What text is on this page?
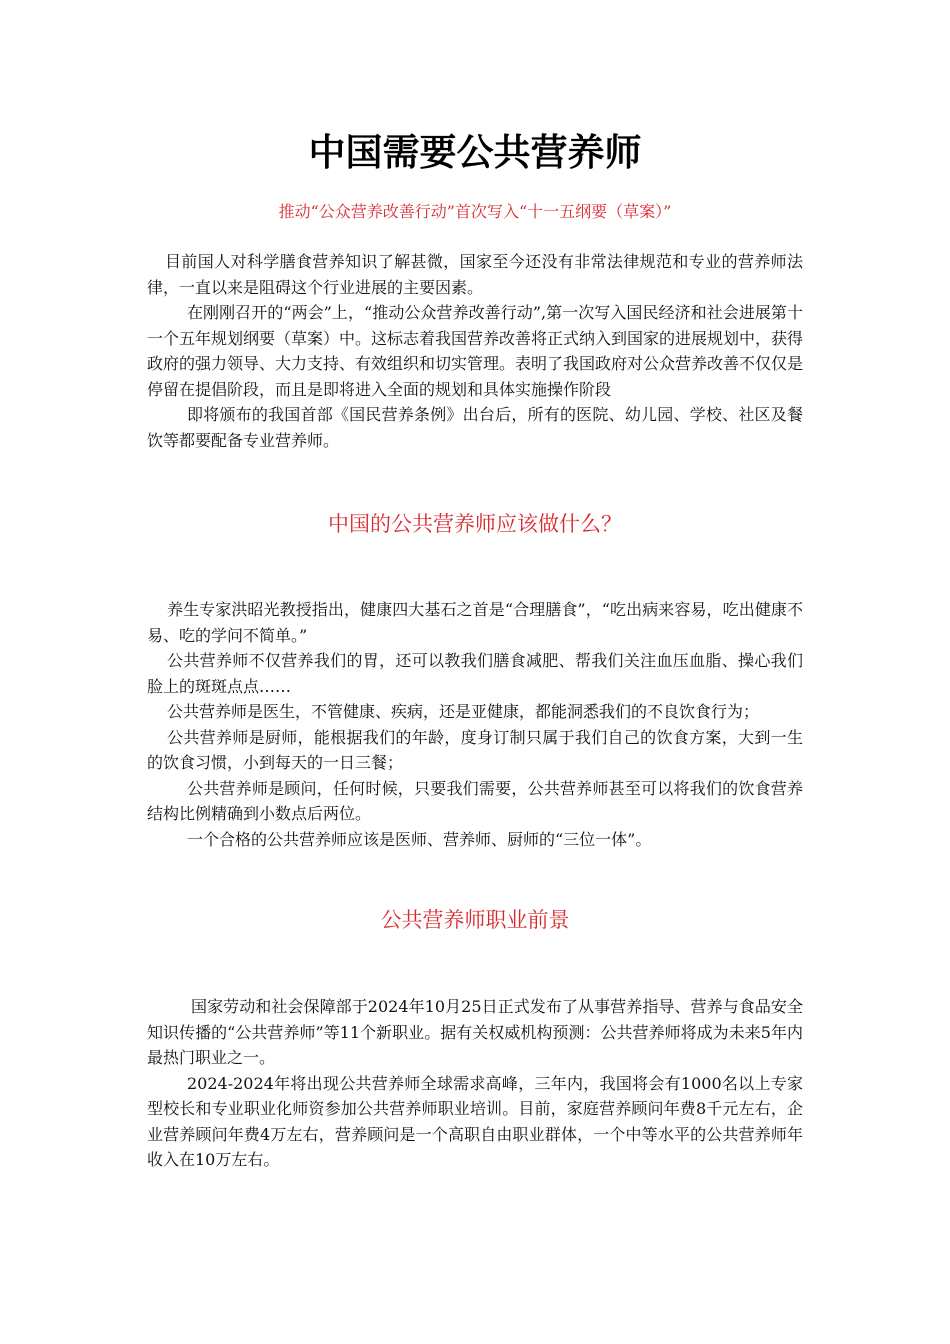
中国需要公共营养师

推动“公众营养改善行动”首次写入“十一五纲要（草案）”

目前国人对科学膳食营养知识了解甚微，国家至今还没有非常法律规范和专业的营养师法律，一直以来是阻碍这个行业进展的主要因素。

在刚刚召开的“两会”上，“推动公众营养改善行动”,第一次写入国民经济和社会进展第十一个五年规划纲要（草案）中。这标志着我国营养改善将正式纳入到国家的进展规划中，获得政府的强力领导、大力支持、有效组织和切实管理。表明了我国政府对公众营养改善不仅仅是停留在提倡阶段，而且是即将进入全面的规划和具体实施操作阶段

即将颁布的我国首部《国民营养条例》出台后，所有的医院、幼儿园、学校、社区及餐饮等都要配备专业营养师。

中国的公共营养师应该做什么？

养生专家洪昭光教授指出，健康四大基石之首是“合理膳食”，“吃出病来容易，吃出健康不易、吃的学问不简单。”

公共营养师不仅营养我们的胃，还可以教我们膳食减肥、帮我们关注血压血脂、操心我们脸上的斑斑点点……

公共营养师是医生，不管健康、疾病，还是亚健康，都能洞悉我们的不良饮食行为；

公共营养师是厨师，能根据我们的年龄，度身订制只属于我们自己的饮食方案，大到一生的饮食习惯，小到每天的一日三餐；

公共营养师是顾问，任何时候，只要我们需要，公共营养师甚至可以将我们的饮食营养结构比例精确到小数点后两位。

一个合格的公共营养师应该是医师、营养师、厨师的“三位一体”。

公共营养师职业前景

国家劳动和社会保障部于2024年10月25日正式发布了从事营养指导、营养与食品安全知识传播的“公共营养师”等11个新职业。据有关权威机构预测：公共营养师将成为未来5年内最热门职业之一。

2024-2024年将出现公共营养师全球需求高峰，三年内，我国将会有1000名以上专家型校长和专业职业化师资参加公共营养师职业培训。目前，家庭营养顾问年费8千元左右，企业营养顾问年费4万左右，营养顾问是一个高职自由职业群体，一个中等水平的公共营养师年收入在10万左右。
